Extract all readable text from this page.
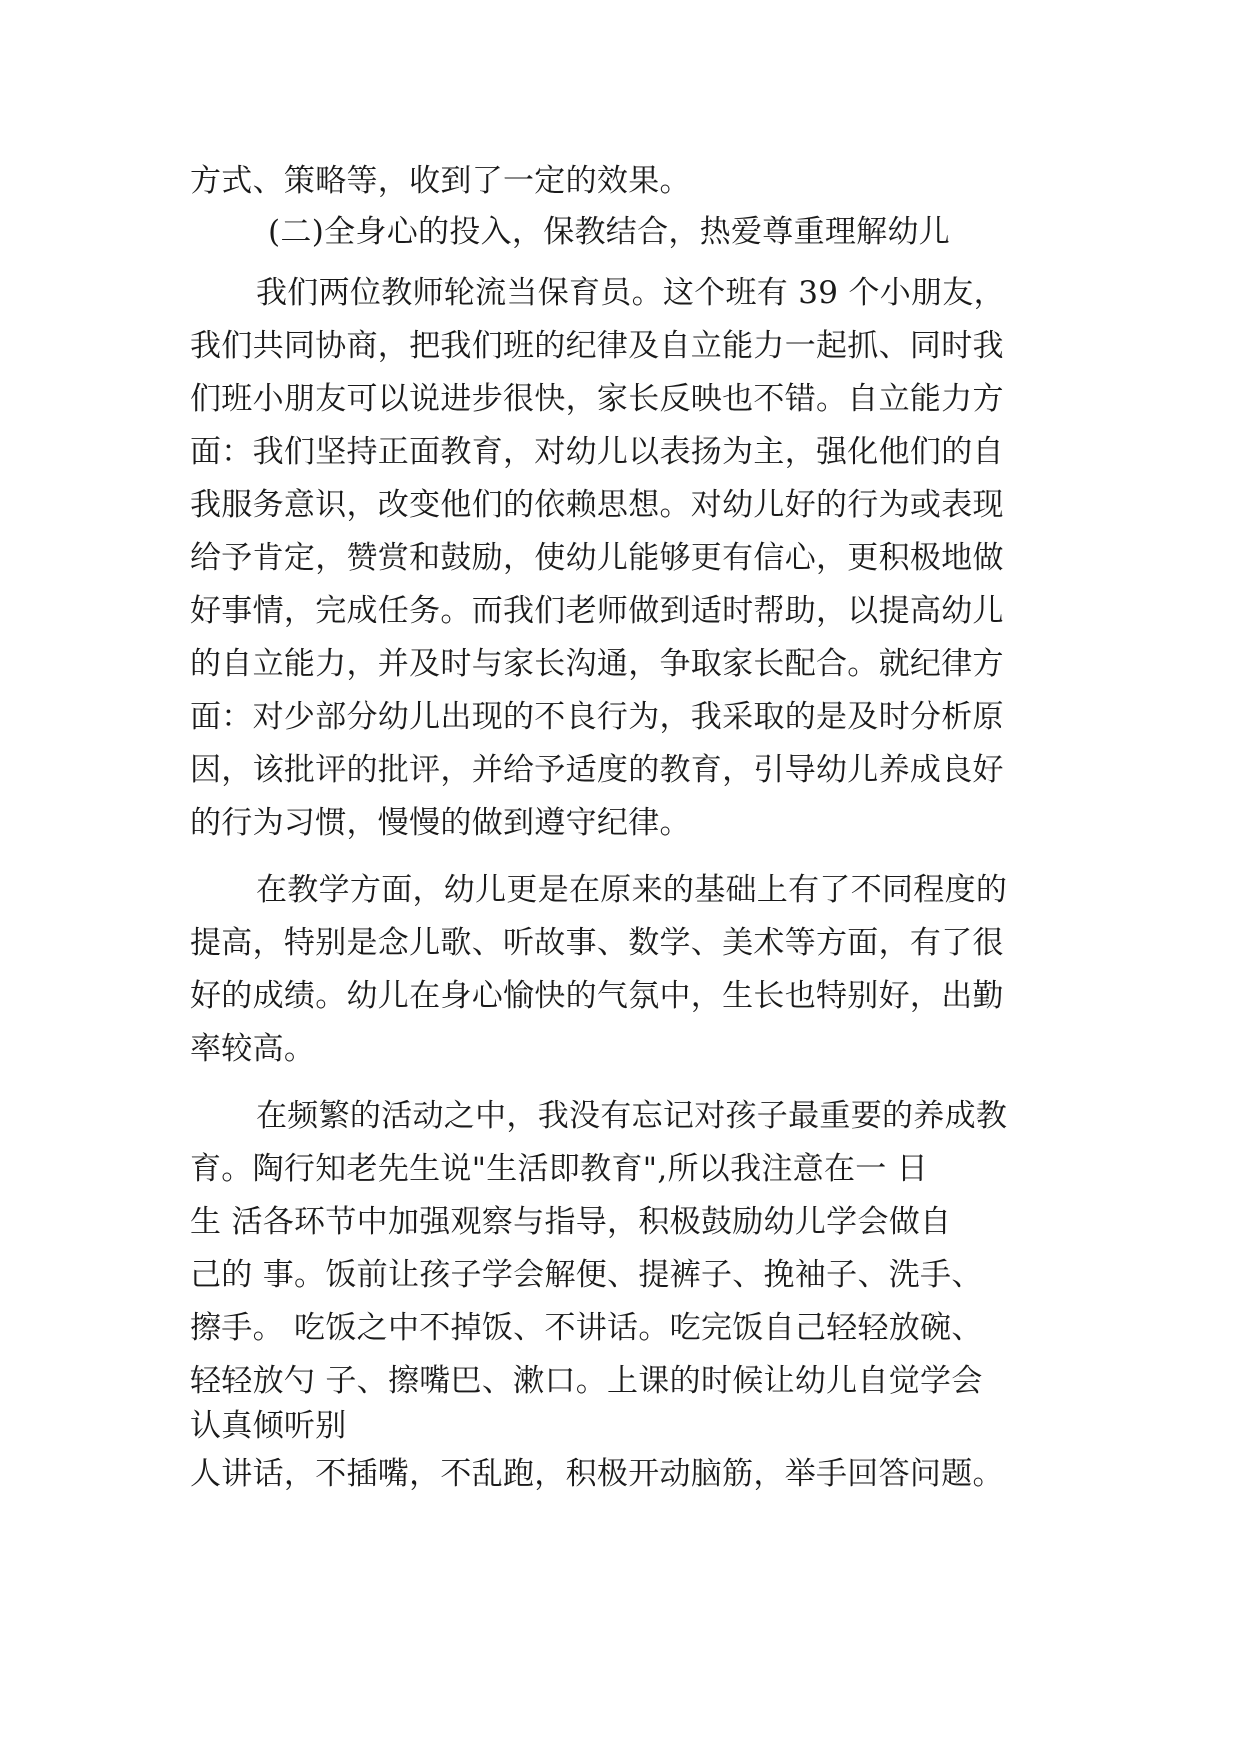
方式、策略等，收到了一定的效果。

(二)全身心的投入，保教结合，热爱尊重理解幼儿

我们两位教师轮流当保育员。这个班有 39 个小朋友，

我们共同协商，把我们班的纪律及自立能力一起抓、同时我

们班小朋友可以说进步很快，家长反映也不错。自立能力方

面：我们坚持正面教育，对幼儿以表扬为主，强化他们的自

我服务意识，改变他们的依赖思想。对幼儿好的行为或表现

给予肯定，赞赏和鼓励，使幼儿能够更有信心，更积极地做

好事情，完成任务。而我们老师做到适时帮助，以提高幼儿

的自立能力，并及时与家长沟通，争取家长配合。就纪律方

面：对少部分幼儿出现的不良行为，我采取的是及时分析原

因，该批评的批评，并给予适度的教育，引导幼儿养成良好

的行为习惯，慢慢的做到遵守纪律。

在教学方面，幼儿更是在原来的基础上有了不同程度的

提高，特别是念儿歌、听故事、数学、美术等方面，有了很

好的成绩。幼儿在身心愉快的气氛中，生长也特别好，出勤

率较高。

在频繁的活动之中，我没有忘记对孩子最重要的养成教

育。陶行知老先生说"生活即教育",所以我注意在一 日

生 活各环节中加强观察与指导，积极鼓励幼儿学会做自

己的 事。饭前让孩子学会解便、提裤子、挽袖子、洗手、

擦手。 吃饭之中不掉饭、不讲话。吃完饭自己轻轻放碗、

轻轻放勺 子、擦嘴巴、漱口。上课的时候让幼儿自觉学会

认真倾听别

人讲话，不插嘴，不乱跑，积极开动脑筋，举手回答问题。
